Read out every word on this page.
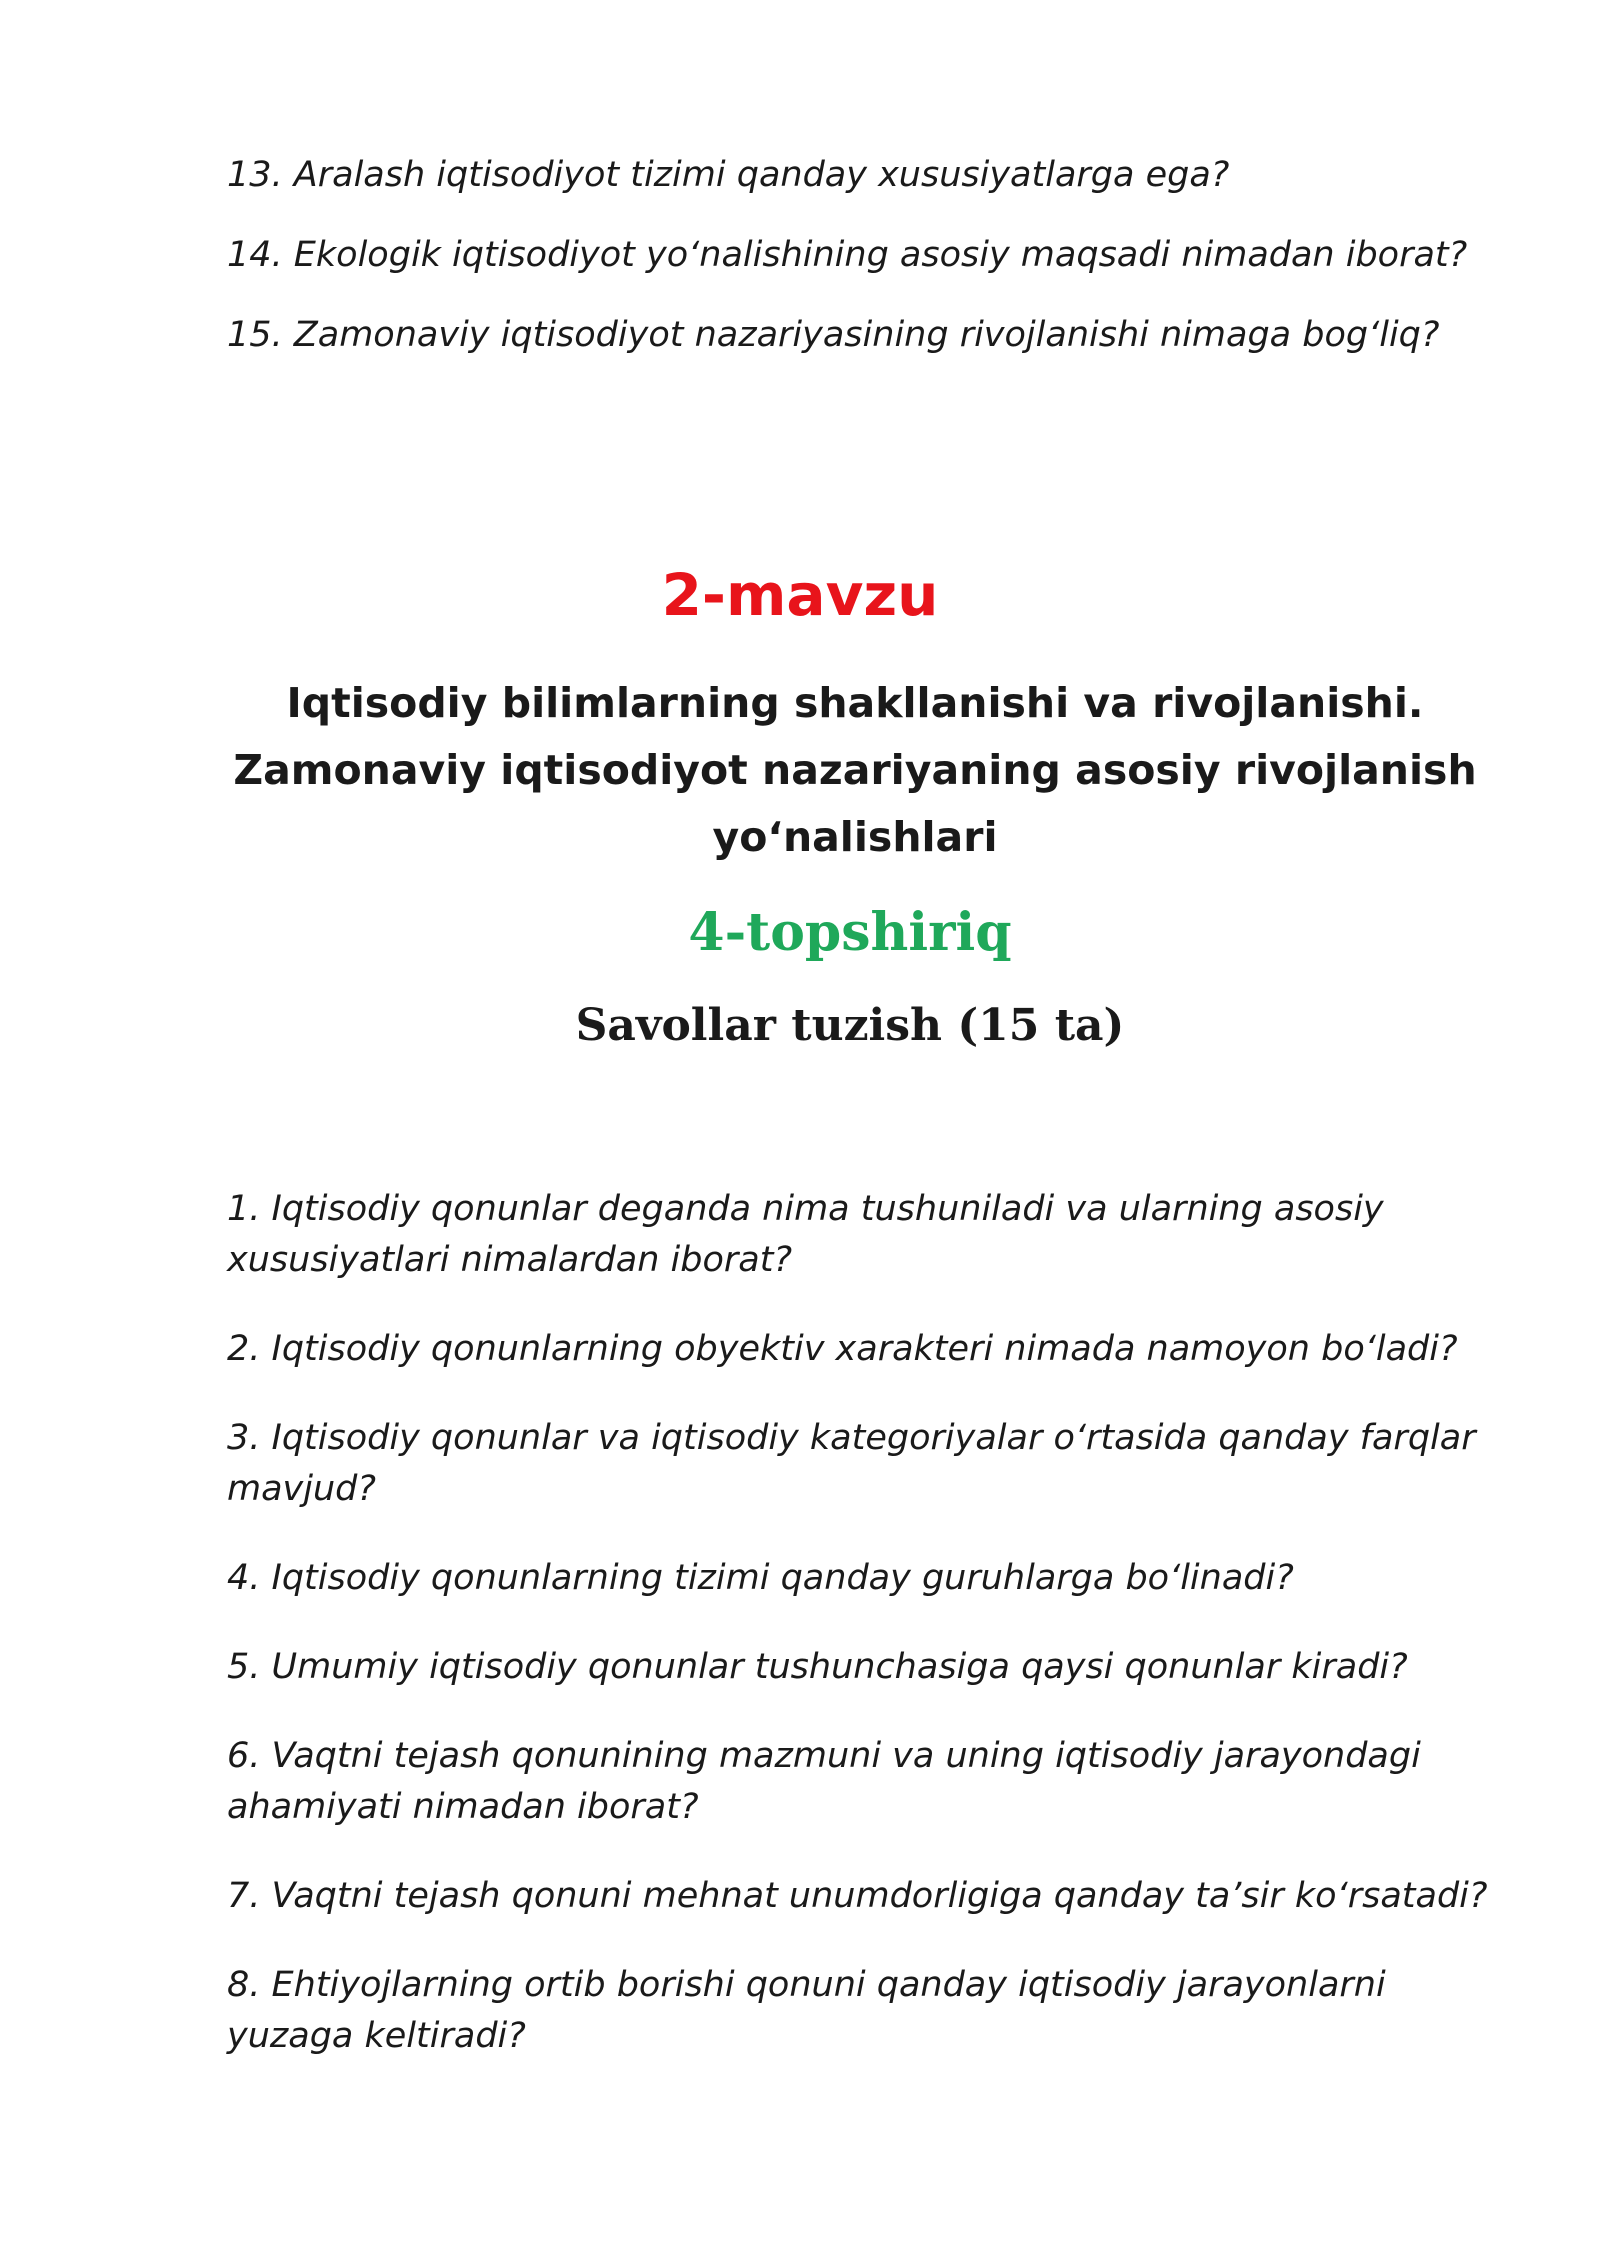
13. Aralash iqtisodiyot tizimi qanday xususiyatlarga ega?
14. Ekologik iqtisodiyot yo‘nalishining asosiy maqsadi nimadan iborat?
15. Zamonaviy iqtisodiyot nazariyasining rivojlanishi nimaga bog‘liq?
2-mavzu
Iqtisodiy bilimlarning shakllanishi va rivojlanishi. Zamonaviy iqtisodiyot nazariyaning asosiy rivojlanish yo‘nalishlari
4-topshiriq
Savollar tuzish (15 ta)
1. Iqtisodiy qonunlar deganda nima tushuniladi va ularning asosiy xususiyatlari nimalardan iborat?
2. Iqtisodiy qonunlarning obyektiv xarakteri nimada namoyon bo‘ladi?
3. Iqtisodiy qonunlar va iqtisodiy kategoriyalar o‘rtasida qanday farqlar mavjud?
4. Iqtisodiy qonunlarning tizimi qanday guruhlarga bo‘linadi?
5. Umumiy iqtisodiy qonunlar tushunchasiga qaysi qonunlar kiradi?
6. Vaqtni tejash qonunining mazmuni va uning iqtisodiy jarayondagi ahamiyati nimadan iborat?
7. Vaqtni tejash qonuni mehnat unumdorligiga qanday ta’sir ko‘rsatadi?
8. Ehtiyojlarning ortib borishi qonuni qanday iqtisodiy jarayonlarni yuzaga keltiradi?
